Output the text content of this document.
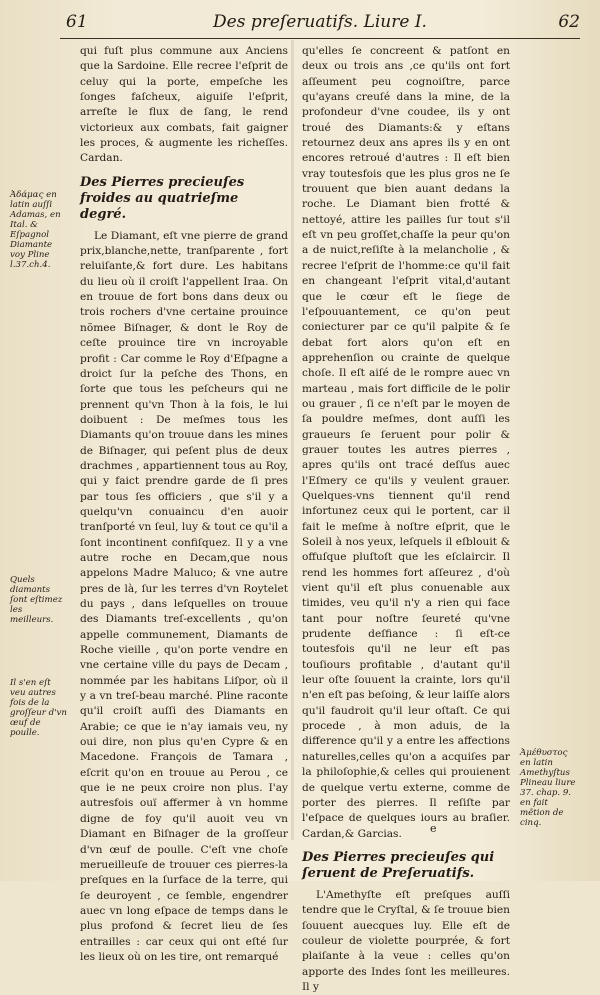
61	Des preſeruatifs. Liure I.	62

qui fuſt plus commune aux Anciens que la Sardoine. Elle recree l'eſprit de celuy qui la porte, empeſche les ſonges faſcheux, aiguiſe l'eſprit, arreſte le flux de ſang, le rend victorieux aux combats, fait gaigner les proces, & augmente les richeſſes. Cardan.

Des Pierres precieuſes froides au quatrieſme degré.

Le Diamant, eſt vne pierre de grand prix,blanche,nette, tranſparente , fort reluiſante,& fort dure. Les habitans du lieu où il croiſt l'appellent Iraa. On en trouue de fort bons dans deux ou trois rochers d'vne certaine prouince nõmee Biſnager, & dont le Roy de ceſte prouince tire vn incroyable profit : Car comme le Roy d'Eſpagne a droict ſur la peſche des Thons, en ſorte que tous les peſcheurs qui ne prennent qu'vn Thon à la fois, le lui doibuent : De meſmes tous les Diamants qu'on trouue dans les mines de Biſnager, qui peſent plus de deux drachmes , appartiennent tous au Roy, qui y faict prendre garde de ſi pres par tous ſes officiers , que s'il y a quelqu'vn conuaincu d'en auoir tranſporté vn ſeul, luy & tout ce qu'il a ſont incontinent confiſquez. Il y a vne autre roche en Decam,que nous appelons Madre Maluco; & vne autre pres de là, ſur les terres d'vn Roytelet du pays , dans leſquelles on trouue des Diamants treſ-excellents , qu'on appelle communement, Diamants de Roche vieille , qu'on porte vendre en vne certaine ville du pays de Decam , nommée par les habitans Liſpor, où il y a vn treſ-beau marché. Pline raconte qu'il croiſt auſſi des Diamants en Arabie; ce que ie n'ay iamais veu, ny oui dire, non plus qu'en Cypre & en Macedone. François de Tamara , eſcrit qu'on en trouue au Perou , ce que ie ne peux croire non plus. I'ay autresfois ouï affermer à vn homme digne de foy qu'il auoit veu vn Diamant en Biſnager de la groſſeur d'vn œuf de poulle. C'eſt vne choſe merueilleuſe de trouuer ces pierres-la preſques en la ſurface de la terre, qui ſe deuroyent , ce ſemble, engendrer auec vn long eſpace de temps dans le plus profond & ſecret lieu de ſes entrailles : car ceux qui ont eſté ſur les lieux où on les tire, ont remarqué

qu'elles ſe concreent & patſont en deux ou trois ans ,ce qu'ils ont fort aſſeument peu cognoiſtre, parce qu'ayans creuſé dans la mine, de la profondeur d'vne coudee, ils y ont troué des Diamants:& y eſtans retournez deux ans apres ils y en ont encores retroué d'autres : Il eſt bien vray toutesfois que les plus gros ne ſe trouuent que bien auant dedans la roche. Le Diamant bien frotté & nettoyé, attire les pailles ſur tout s'il eſt vn peu groſſet,chaſſe la peur qu'on a de nuict,reſiſte à la melancholie , & recree l'eſprit de l'homme:ce qu'il fait en changeant l'eſprit vital,d'autant que le cœur eſt le ſiege de l'eſpouuantement, ce qu'on peut coniecturer par ce qu'il palpite & ſe debat fort alors qu'on eſt en apprehenſion ou crainte de quelque choſe. Il eſt aiſé de le rompre auec vn marteau , mais fort difficile de le polir ou grauer , ſi ce n'eſt par le moyen de ſa pouldre meſmes, dont auſſi les graueurs ſe ſeruent pour polir & grauer toutes les autres pierres , apres qu'ils ont tracé deſſus auec l'Eſmery ce qu'ils y veulent grauer. Quelques-vns tiennent qu'il rend infortunez ceux qui le portent, car il fait le meſme à noſtre eſprit, que le Soleil à nos yeux, leſquels il eſblouit & offuſque pluſtoſt que les eſclaircir. Il rend les hommes fort aſſeurez , d'où vient qu'il eſt plus conuenable aux timides, veu qu'il n'y a rien qui face tant pour noſtre ſeureté qu'vne prudente deſfiance : ſi eſt-ce toutesfois qu'il ne leur eſt pas touſiours profitable , d'autant qu'il leur oſte ſouuent la crainte, lors qu'il n'en eſt pas beſoing, & leur laiſſe alors qu'il faudroit qu'il leur oſtaſt. Ce qui procede , à mon aduis, de la difference qu'il y a entre les affections naturelles,celles qu'on a acquiſes par la philoſophie,& celles qui prouienent de quelque vertu externe, comme de porter des pierres. Il reſiſte par l'eſpace de quelques iours au braſier. Cardan,& Garcias.

Des Pierres precieuſes qui ſeruent de Preſeruatifs.

L'Amethyſte eſt preſques auſſi tendre que le Cryſtal, & ſe trouue bien ſouuent auecques luy. Elle eſt de couleur de violette pourprée, & fort plaiſante à la veue : celles qu'on apporte des Indes ſont les meilleures. Il y

Ἀδάμας en latin auſſi Adamas, en Ital. & Eſpagnol Diamante voy Pline l.37.ch.4.
Quels diamants ſont eſtimez les meilleurs.
Il s'en eſt veu autres fois de la groſſeur d'vn œuf de poulle.
Ἀμέθυστος en latin Amethyſtus Plineau liure 37. chap. 9. en fait mẽtion de cinq.
e
